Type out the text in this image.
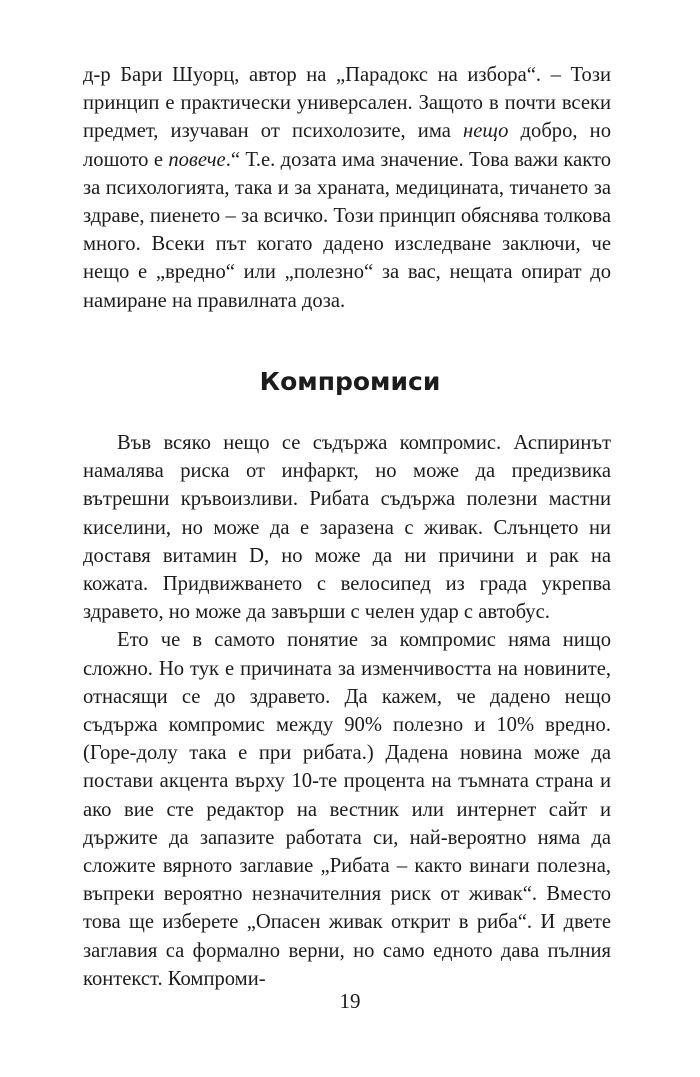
д-р Бари Шуорц, автор на „Парадокс на избора“. – Този принцип е практически универсален. Защото в почти всеки предмет, изучаван от психолозите, има нещо добро, но лошото е повече.“ Т.е. дозата има значение. Това важи както за психологията, така и за храната, медицината, тичането за здраве, пиенето – за всичко. Този принцип обяснява толкова много. Всеки път когато дадено изследване заключи, че нещо е „вредно“ или „полезно“ за вас, нещата опират до намиране на правилната доза.

Компромиси

Във всяко нещо се съдържа компромис. Аспиринът намалява риска от инфаркт, но може да предизвика вътрешни кръвоизливи. Рибата съдържа полезни мастни киселини, но може да е заразена с живак. Слънцето ни доставя витамин D, но може да ни причини и рак на кожата. Придвижването с велосипед из града укрепва здравето, но може да завърши с челен удар с автобус.

Ето че в самото понятие за компромис няма нищо сложно. Но тук е причината за изменчивостта на новините, отнасящи се до здравето. Да кажем, че дадено нещо съдържа компромис между 90% полезно и 10% вредно. (Горе-долу така е при рибата.) Дадена новина може да постави акцента върху 10-те процента на тъмната страна и ако вие сте редактор на вестник или интернет сайт и държите да запазите работата си, най-вероятно няма да сложите вярното заглавие „Рибата – както винаги полезна, въпреки вероятно незначителния риск от живак“. Вместо това ще изберете „Опасен живак открит в риба“. И двете заглавия са формално верни, но само едното дава пълния контекст. Компроми-

19
